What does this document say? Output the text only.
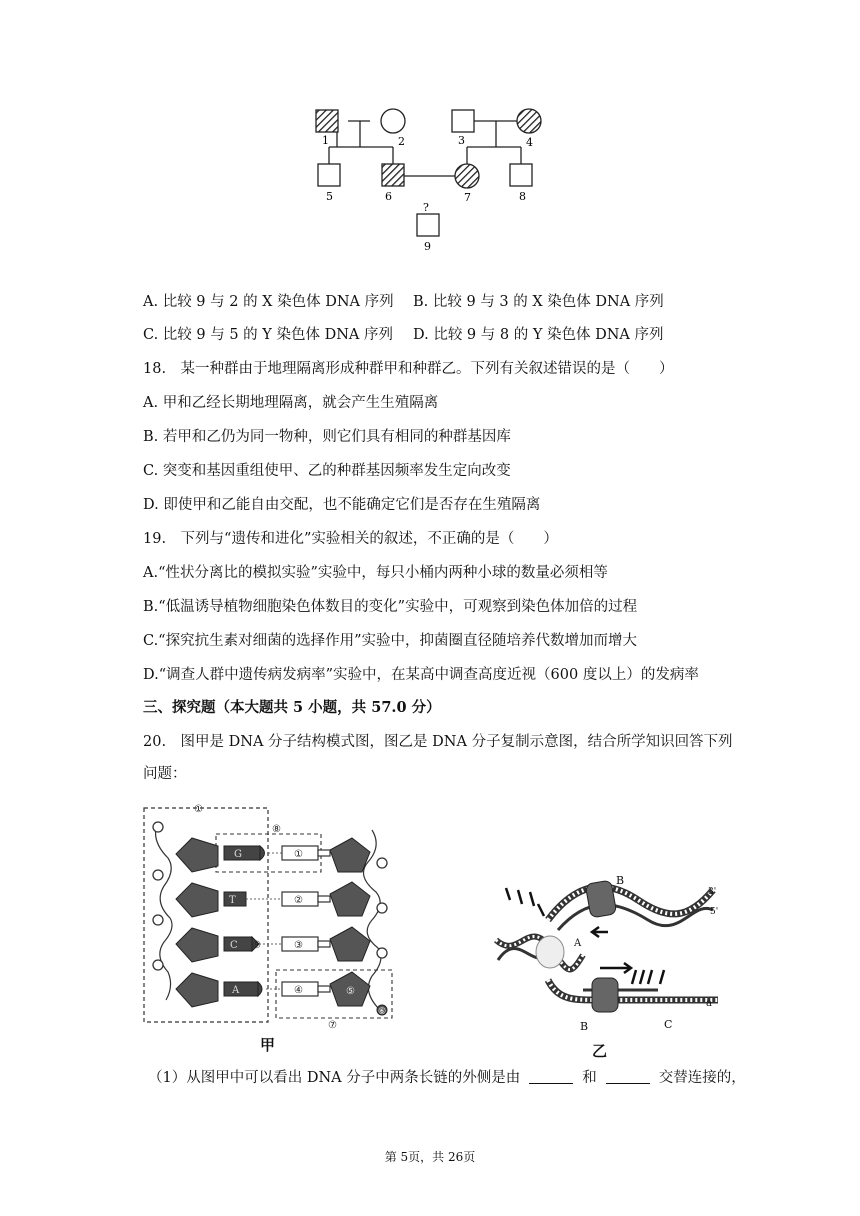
1	2	3	4
5	6	7	8
?
9
A. 比较 9 与 2 的 X 染色体 DNA 序列 B. 比较 9 与 3 的 X 染色体 DNA 序列
C. 比较 9 与 5 的 Y 染色体 DNA 序列 D. 比较 9 与 8 的 Y 染色体 DNA 序列
18.　某一种群由于地理隔离形成种群甲和种群乙。下列有关叙述错误的是（　　）
A. 甲和乙经长期地理隔离，就会产生生殖隔离
B. 若甲和乙仍为同一物种，则它们具有相同的种群基因库
C. 突变和基因重组使甲、乙的种群基因频率发生定向改变
D. 即使甲和乙能自由交配，也不能确定它们是否存在生殖隔离
19.　下列与“遗传和进化”实验相关的叙述，不正确的是（　　）
A.“性状分离比的模拟实验”实验中，每只小桶内两种小球的数量必须相等
B.“低温诱导植物细胞染色体数目的变化”实验中，可观察到染色体加倍的过程
C.“探究抗生素对细菌的选择作用”实验中，抑菌圈直径随培养代数增加而增大
D.“调查人群中遗传病发病率”实验中，在某高中调查高度近视（600 度以上）的发病率
三、探究题（本大题共 5 小题，共 57.0 分）
20.　图甲是 DNA 分子结构模式图，图乙是 DNA 分子复制示意图，结合所学知识回答下列
问题：
①
⑧
⑦
G
T
C
A
①
②
③
④
⑨
⑤
⑥
甲
B
3'
5'
A
B	C
a
乙
（1）从图甲中可以看出 DNA 分子中两条长链的外侧是由	和	交替连接的，
第 5页，共 26页
